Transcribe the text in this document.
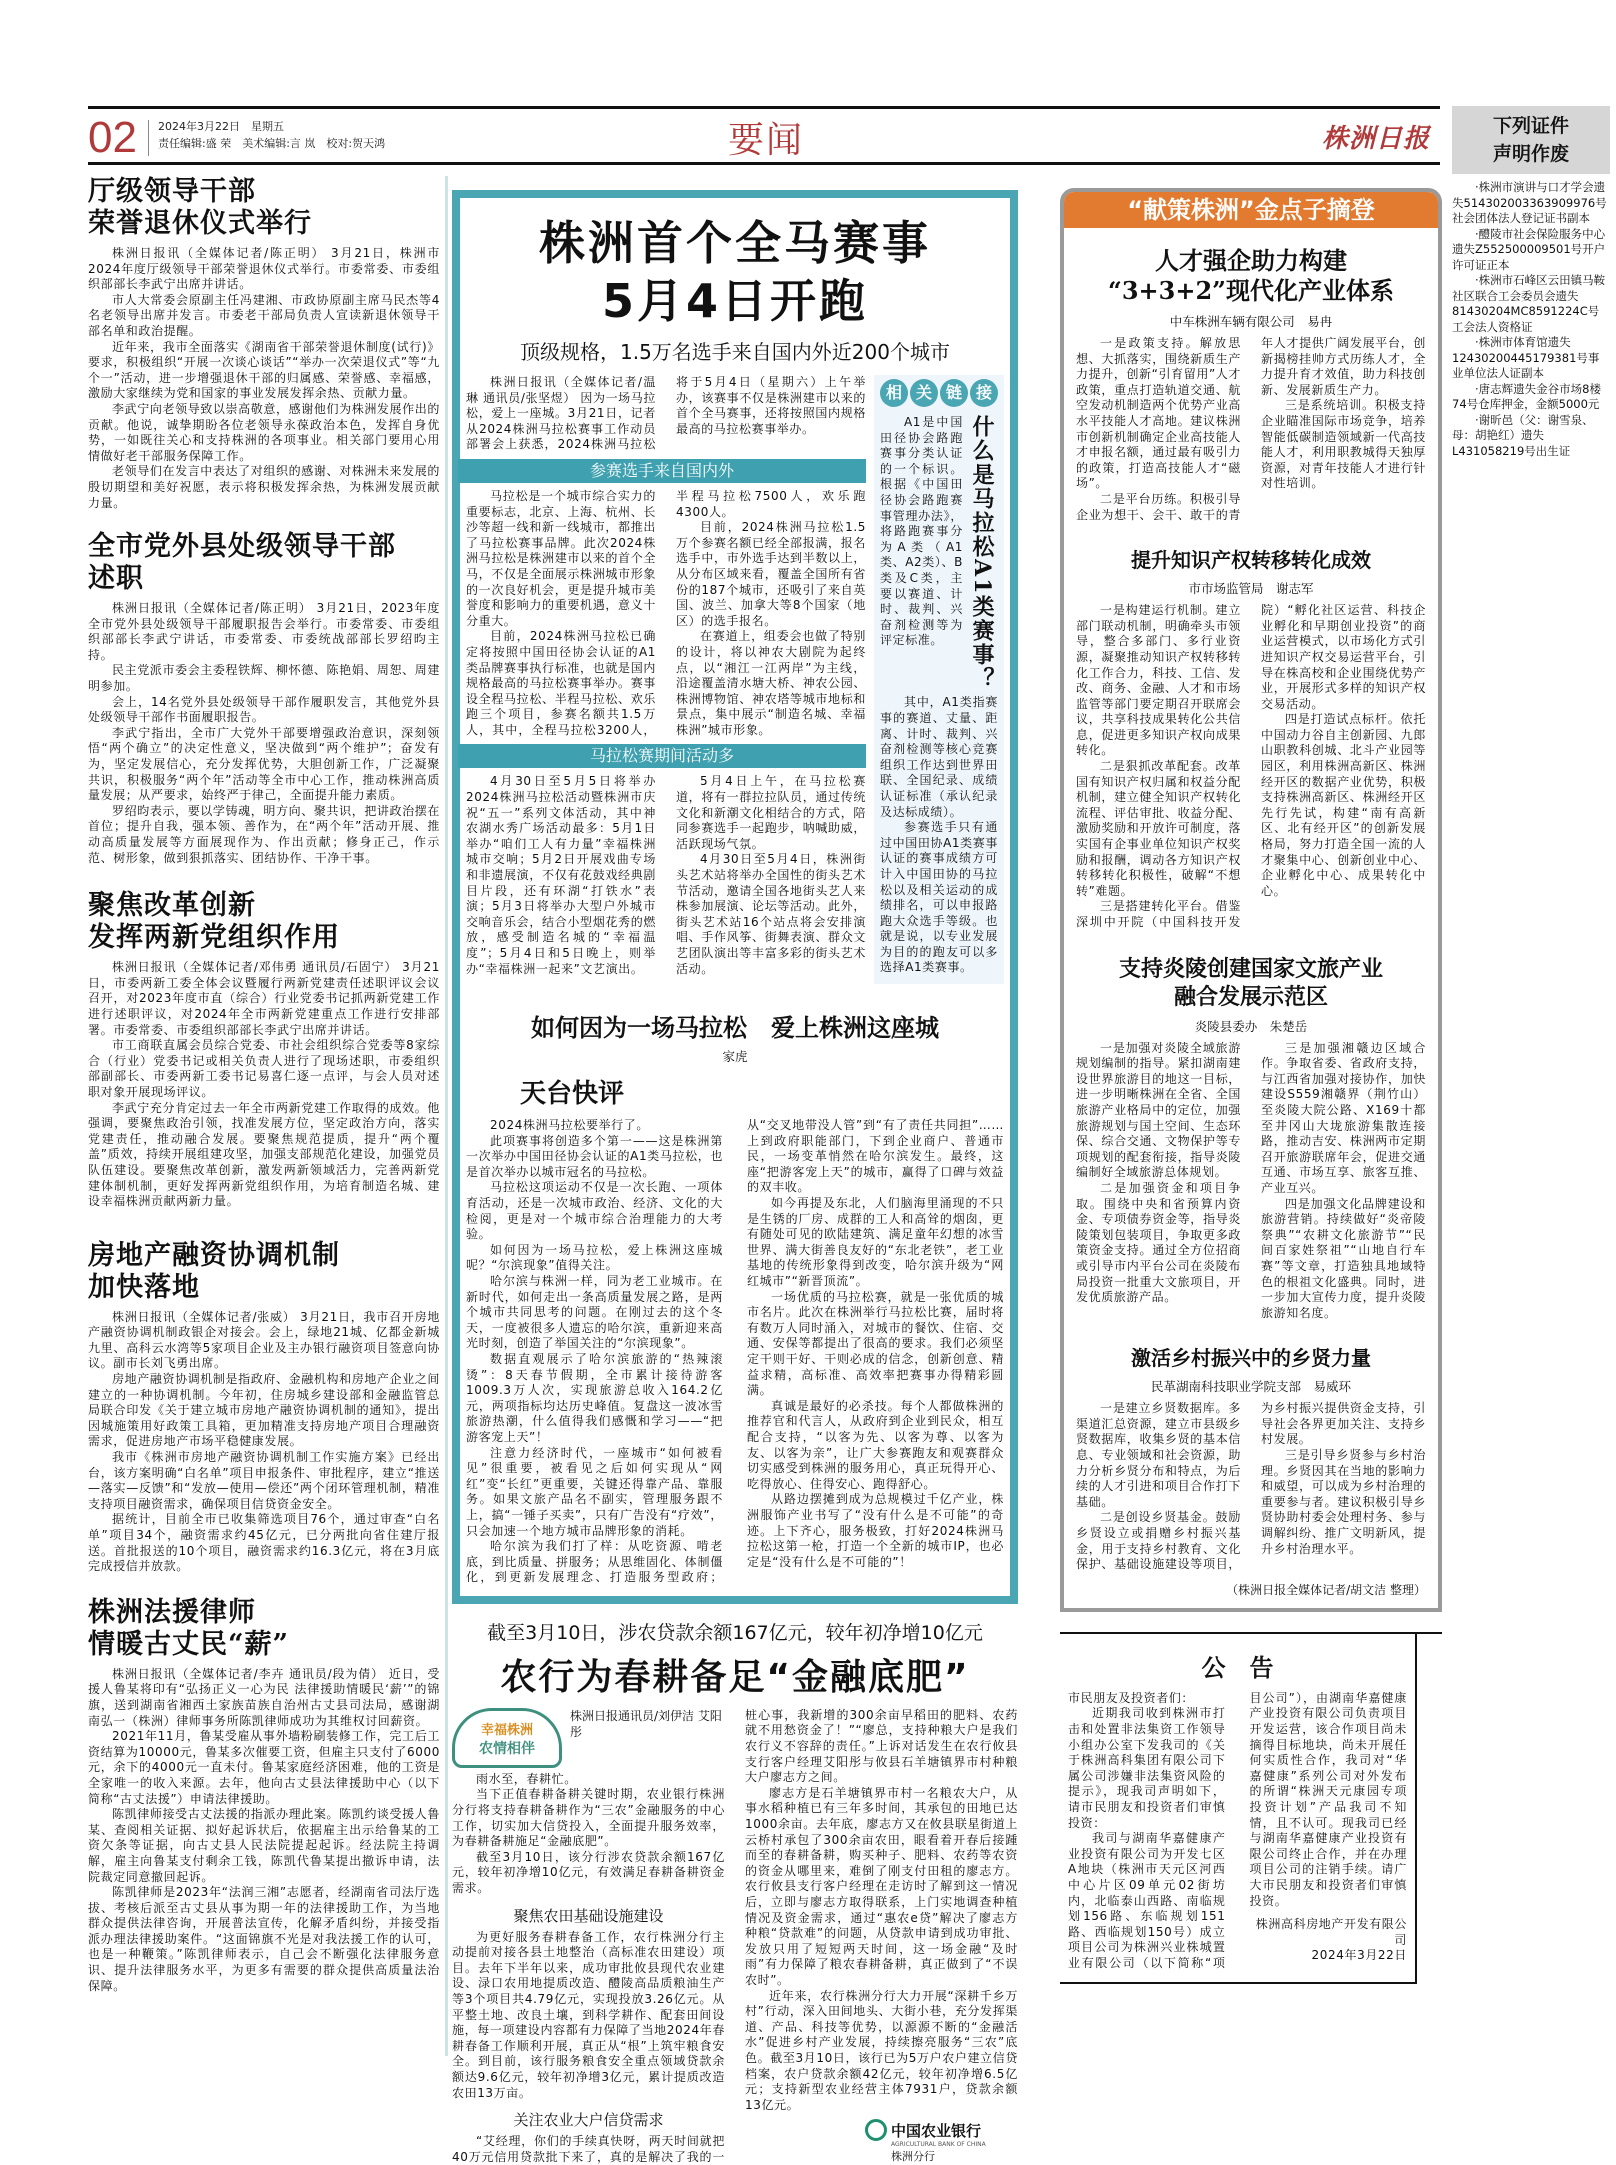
02 2024年3月22日　星期五
责任编辑:盛 荣　美术编辑:言 岚　校对:贺天鸿	要闻	株洲日报
厅级领导干部
荣誉退休仪式举行

株洲日报讯（全媒体记者/陈正明） 3月21日，株洲市2024年度厅级领导干部荣誉退休仪式举行。市委常委、市委组织部部长李武宁出席并讲话。

市人大常委会原副主任冯建湘、市政协原副主席马民杰等4名老领导出席并发言。市委老干部局负责人宣读新退休领导干部名单和政治提醒。

近年来，我市全面落实《湖南省干部荣誉退休制度(试行)》要求，积极组织“开展一次谈心谈话”“举办一次荣退仪式”等“九个一”活动，进一步增强退休干部的归属感、荣誉感、幸福感，激励大家继续为党和国家的事业发展发挥余热、贡献力量。

李武宁向老领导致以崇高敬意，感谢他们为株洲发展作出的贡献。他说，诚挚期盼各位老领导永葆政治本色，发挥自身优势，一如既往关心和支持株洲的各项事业。相关部门要用心用情做好老干部服务保障工作。

老领导们在发言中表达了对组织的感谢、对株洲未来发展的殷切期望和美好祝愿，表示将积极发挥余热，为株洲发展贡献力量。

全市党外县处级领导干部
述职

株洲日报讯（全媒体记者/陈正明） 3月21日，2023年度全市党外县处级领导干部履职报告会举行。市委常委、市委组织部部长李武宁讲话，市委常委、市委统战部部长罗绍昀主持。

民主党派市委会主委程铁辉、柳怀德、陈艳娟、周恕、周建明参加。

会上，14名党外县处级领导干部作履职发言，其他党外县处级领导干部作书面履职报告。

李武宁指出，全市广大党外干部要增强政治意识，深刻领悟“两个确立”的决定性意义，坚决做到“两个维护”；奋发有为，坚定发展信心，充分发挥优势，大胆创新工作，广泛凝聚共识，积极服务“两个年”活动等全市中心工作，推动株洲高质量发展；从严要求，始终严于律己，全面提升能力素质。

罗绍昀表示，要以学铸魂，明方向、聚共识，把讲政治摆在首位；提升自我，强本领、善作为，在“两个年”活动开展、推动高质量发展等方面展现作为、作出贡献；修身正己，作示范、树形象，做到狠抓落实、团结协作、干净干事。

聚焦改革创新
发挥两新党组织作用

株洲日报讯（全媒体记者/邓伟勇 通讯员/石固宁） 3月21日，市委两新工委全体会议暨履行两新党建责任述职评议会议召开，对2023年度市直（综合）行业党委书记抓两新党建工作进行述职评议，对2024年全市两新党建重点工作进行安排部署。市委常委、市委组织部部长李武宁出席并讲话。

市工商联直属会员综合党委、市社会组织综合党委等8家综合（行业）党委书记或相关负责人进行了现场述职，市委组织部副部长、市委两新工委书记易喜仁逐一点评，与会人员对述职对象开展现场评议。

李武宁充分肯定过去一年全市两新党建工作取得的成效。他强调，要聚焦政治引领，找准发展方位，坚定政治方向，落实党建责任，推动融合发展。要聚焦规范提质，提升“两个覆盖”质效，持续开展组建攻坚，加强支部规范化建设，加强党员队伍建设。要聚焦改革创新，激发两新领域活力，完善两新党建体制机制，更好发挥两新党组织作用，为培育制造名城、建设幸福株洲贡献两新力量。

房地产融资协调机制
加快落地

株洲日报讯（全媒体记者/张威） 3月21日，我市召开房地产融资协调机制政银企对接会。会上，绿地21城、亿都金新城九里、高科云水湾等5家项目企业及主办银行融资项目签意向协议。副市长刘飞勇出席。

房地产融资协调机制是指政府、金融机构和房地产企业之间建立的一种协调机制。今年初，住房城乡建设部和金融监管总局联合印发《关于建立城市房地产融资协调机制的通知》，提出因城施策用好政策工具箱，更加精准支持房地产项目合理融资需求，促进房地产市场平稳健康发展。

我市《株洲市房地产融资协调机制工作实施方案》已经出台，该方案明确“白名单”项目申报条件、审批程序，建立“推送—落实—反馈”和“发放—使用—偿还”两个闭环管理机制，精准支持项目融资需求，确保项目信贷资金安全。

据统计，目前全市已收集筛选项目76个，通过审查“白名单”项目34个，融资需求约45亿元，已分两批向省住建厅报送。首批报送的10个项目，融资需求约16.3亿元，将在3月底完成授信并放款。

株洲法援律师
情暖古丈民“薪”

株洲日报讯（全媒体记者/李卉 通讯员/段为倩） 近日，受援人鲁某将印有“弘扬正义一心为民 法律援助情暖民‘薪’”的锦旗，送到湖南省湘西土家族苗族自治州古丈县司法局，感谢湖南弘一（株洲）律师事务所陈凯律师成功为其维权讨回薪资。

2021年11月，鲁某受雇从事外墙粉刷装修工作，完工后工资结算为10000元，鲁某多次催要工资，但雇主只支付了6000元，余下的4000元一直未付。鲁某家庭经济困难，他的工资是全家唯一的收入来源。去年，他向古丈县法律援助中心（以下简称“古丈法援”）申请法律援助。

陈凯律师接受古丈法援的指派办理此案。陈凯约谈受援人鲁某、查阅相关证据、拟好起诉状后，依据雇主出示给鲁某的工资欠条等证据，向古丈县人民法院提起起诉。经法院主持调解，雇主向鲁某支付剩余工钱，陈凯代鲁某提出撤诉申请，法院裁定同意撤回起诉。

陈凯律师是2023年“法润三湘”志愿者，经湖南省司法厅选拔、考核后派至古丈县从事为期一年的法律援助工作，为当地群众提供法律咨询，开展普法宣传，化解矛盾纠纷，并接受指派办理法律援助案件。“这面锦旗不光是对我法援工作的认可，也是一种鞭策。”陈凯律师表示，自己会不断强化法律服务意识、提升法律服务水平，为更多有需要的群众提供高质量法治保障。

株洲首个全马赛事
5月4日开跑
顶级规格，1.5万名选手来自国内外近200个城市

株洲日报讯（全媒体记者/温琳 通讯员/张坚煜） 因为一场马拉松，爱上一座城。3月21日，记者从2024株洲马拉松赛事工作动员部署会上获悉，2024株洲马拉松将于5月4日（星期六）上午举办，该赛事不仅是株洲建市以来的首个全马赛事，还将按照国内规格最高的马拉松赛事举办。

参赛选手来自国内外

马拉松是一个城市综合实力的重要标志，北京、上海、杭州、长沙等超一线和新一线城市，都推出了马拉松赛事品牌。此次2024株洲马拉松是株洲建市以来的首个全马，不仅是全面展示株洲城市形象的一次良好机会，更是提升城市美誉度和影响力的重要机遇，意义十分重大。

目前，2024株洲马拉松已确定将按照中国田径协会认证的A1类品牌赛事执行标准，也就是国内规格最高的马拉松赛事举办。赛事设全程马拉松、半程马拉松、欢乐跑三个项目，参赛名额共1.5万人，其中，全程马拉松3200人，半程马拉松7500人，欢乐跑4300人。

目前，2024株洲马拉松1.5万个参赛名额已经全部报满，报名选手中，市外选手达到半数以上，从分布区域来看，覆盖全国所有省份的187个城市，还吸引了来自英国、波兰、加拿大等8个国家（地区）的选手报名。

在赛道上，组委会也做了特别的设计，将以神农大剧院为起终点，以“湘江一江两岸”为主线，沿途覆盖清水塘大桥、神农公园、株洲博物馆、神农塔等城市地标和景点，集中展示“制造名城、幸福株洲”城市形象。

马拉松赛期间活动多

4月30日至5月5日将举办2024株洲马拉松活动暨株洲市庆祝“五一”系列文体活动，其中神农湖水秀广场活动最多：5月1日举办“咱们工人有力量”幸福株洲城市交响；5月2日开展戏曲专场和非遗展演，不仅有花鼓戏经典剧目片段，还有环湖“打铁水”表演；5月3日将举办大型户外城市交响音乐会，结合小型烟花秀的燃放，感受制造名城的“幸福温度”；5月4日和5日晚上，则举办“幸福株洲一起来”文艺演出。

5月4日上午，在马拉松赛道，将有一群拉拉队员，通过传统文化和新潮文化相结合的方式，陪同参赛选手一起跑步，呐喊助威，活跃现场气氛。

4月30日至5月4日，株洲街头艺术站将举办全国性的街头艺术节活动，邀请全国各地街头艺人来株参加展演、论坛等活动。此外，街头艺术站16个站点将会安排演唱、手作风筝、街舞表演、群众文艺团队演出等丰富多彩的街头艺术活动。

相 关 链 接

A1是中国田径协会路跑赛事分类认证的一个标识。根据《中国田径协会路跑赛事管理办法》，将路跑赛事分为A类（A1类、A2类）、B类及C类，主要以赛道、计时、裁判、兴奋剂检测等为评定标准。	什么是马拉松A1类赛事？

其中，A1类指赛事的赛道、丈量、距离、计时、裁判、兴奋剂检测等核心竞赛组织工作达到世界田联、全国纪录、成绩认证标准（承认纪录及达标成绩）。

参赛选手只有通过中国田协A1类赛事认证的赛事成绩方可计入中国田协的马拉松以及相关运动的成绩排名，可以申报路跑大众选手等级。也就是说，以专业发展为目的的跑友可以多选择A1类赛事。

如何因为一场马拉松　爱上株洲这座城
家虎
天台快评

2024株洲马拉松要举行了。

此项赛事将创造多个第一——这是株洲第一次举办中国田径协会认证的A1类马拉松，也是首次举办以城市冠名的马拉松。

马拉松这项运动不仅是一次长跑、一项体育活动，还是一次城市政治、经济、文化的大检阅，更是对一个城市综合治理能力的大考验。

如何因为一场马拉松，爱上株洲这座城呢？“尔滨现象”值得关注。

哈尔滨与株洲一样，同为老工业城市。在新时代，如何走出一条高质量发展之路，是两个城市共同思考的问题。在刚过去的这个冬天，一度被很多人遗忘的哈尔滨，重新迎来高光时刻，创造了举国关注的“尔滨现象”。

数据直观展示了哈尔滨旅游的“热辣滚烫”：8天春节假期，全市累计接待游客1009.3万人次，实现旅游总收入164.2亿元，两项指标均达历史峰值。复盘这一波冰雪旅游热潮，什么值得我们感慨和学习——“把游客宠上天”！

注意力经济时代，一座城市“如何被看见”很重要，被看见之后如何实现从“网红”变“长红”更重要，关键还得靠产品、靠服务。如果文旅产品名不副实，管理服务跟不上，搞“一锤子买卖”，只有广告没有“疗效”，只会加速一个地方城市品牌形象的消耗。

哈尔滨为我们打了样：从吃资源、啃老底，到比质量、拼服务；从思维固化、体制僵化，到更新发展理念、打造服务型政府；从“交叉地带没人管”到“有了责任共同担”……上到政府职能部门，下到企业商户、普通市民，一场变革悄然在哈尔滨发生。最终，这座“把游客宠上天”的城市，赢得了口碑与效益的双丰收。

如今再提及东北，人们脑海里涌现的不只是生锈的厂房、成群的工人和高耸的烟囱，更有随处可见的欧陆建筑、满足童年幻想的冰雪世界、满大街善良友好的“东北老铁”，老工业基地的传统形象得到改变，哈尔滨升级为“网红城市”“新晋顶流”。

一场优质的马拉松赛，就是一张优质的城市名片。此次在株洲举行马拉松比赛，届时将有数万人同时涌入，对城市的餐饮、住宿、交通、安保等都提出了很高的要求。我们必须坚定干则干好、干则必成的信念，创新创意、精益求精，高标准、高效率把赛事办得精彩圆满。

真诚是最好的必杀技。每个人都做株洲的推荐官和代言人，从政府到企业到民众，相互配合支持，“以客为先、以客为尊、以客为友、以客为亲”，让广大参赛跑友和观赛群众切实感受到株洲的服务用心，真正玩得开心、吃得放心、住得安心、跑得舒心。

从路边摆摊到成为总规模过千亿产业，株洲服饰产业书写了“没有什么是不可能”的奇迹。上下齐心，服务极致，打好2024株洲马拉松这第一枪，打造一个全新的城市IP，也必定是“没有什么是不可能的”！

截至3月10日，涉农贷款余额167亿元，较年初净增10亿元
农行为春耕备足“金融底肥”
幸福株洲
农情相伴
株洲日报通讯员/刘伊洁 艾阳彤

雨水至，春耕忙。

当下正值春耕备耕关键时期，农业银行株洲分行将支持春耕备耕作为“三农”金融服务的中心工作，切实加大信贷投入，全面提升服务效率，为春耕备耕施足“金融底肥”。

截至3月10日，该分行涉农贷款余额167亿元，较年初净增10亿元，有效满足春耕备耕资金需求。

聚焦农田基础设施建设

为更好服务春耕春备工作，农行株洲分行主动提前对接各县土地整治（高标准农田建设）项目。去年下半年以来，成功审批攸县现代农业建设、渌口农用地提质改造、醴陵高品质粮油生产等3个项目共4.79亿元，实现投放3.26亿元。从平整土地、改良土壤，到科学耕作、配套田间设施，每一项建设内容都有力保障了当地2024年春耕春备工作顺利开展，真正从“根”上筑牢粮食安全。到目前，该行服务粮食安全重点领域贷款余额达9.6亿元，较年初净增3亿元，累计提质改造农田13万亩。

关注农业大户信贷需求

“艾经理，你们的手续真快呀，两天时间就把40万元信用贷款批下来了，真的是解决了我的一桩心事，我新增的300余亩早稻田的肥料、农药就不用愁资金了！”“廖总，支持种粮大户是我们农行义不容辞的责任。”上诉对话发生在农行攸县支行客户经理艾阳彤与攸县石羊塘镇界市村种粮大户廖志方之间。

廖志方是石羊塘镇界市村一名粮农大户，从事水稻种植已有三年多时间，其承包的田地已达1000余亩。去年底，廖志方又在攸县联星街道上云桥村承包了300余亩农田，眼看着开春后接踵而至的春耕备耕，购买种子、肥料、农药等农资的资金从哪里来，难倒了刚支付田租的廖志方。农行攸县支行客户经理在走访时了解到这一情况后，立即与廖志方取得联系，上门实地调查种植情况及资金需求，通过“惠农e贷”解决了廖志方种粮“贷款难”的问题，从贷款申请到成功审批、发放只用了短短两天时间，这一场金融“及时雨”有力保障了粮农春耕备耕，真正做到了“不误农时”。

近年来，农行株洲分行大力开展“深耕千乡万村”行动，深入田间地头、大街小巷，充分发挥渠道、产品、科技等优势，以源源不断的“金融活水”促进乡村产业发展，持续擦亮服务“三农”底色。截至3月10日，该行已为5万户农户建立信贷档案，农户贷款余额42亿元，较年初净增6.5亿元；支持新型农业经营主体7931户，贷款余额13亿元。

中国农业银行
AGRICULTURAL BANK OF CHINA
株洲分行
“献策株洲”金点子摘登
人才强企助力构建
“3+3+2”现代化产业体系
中车株洲车辆有限公司　易冉

一是政策支持。解放思想、大抓落实，围绕新质生产力提升，创新“引育留用”人才政策，重点打造轨道交通、航空发动机制造两个优势产业高水平技能人才高地。建议株洲市创新机制确定企业高技能人才申报名额，通过最有吸引力的政策，打造高技能人才“磁场”。

二是平台历练。积极引导企业为想干、会干、敢干的青年人才提供广阔发展平台，创新揭榜挂帅方式历练人才，全力提升育才效值，助力科技创新、发展新质生产力。

三是系统培训。积极支持企业瞄准国际市场竞争，培养智能低碳制造领域新一代高技能人才，利用职教城得天独厚资源，对青年技能人才进行针对性培训。

提升知识产权转移转化成效
市市场监管局　谢志军

一是构建运行机制。建立部门联动机制，明确牵头市领导，整合多部门、多行业资源，凝聚推动知识产权转移转化工作合力，科技、工信、发改、商务、金融、人才和市场监管等部门要定期召开联席会议，共享科技成果转化公共信息，促进更多知识产权向成果转化。

二是狠抓改革配套。改革国有知识产权归属和权益分配机制，建立健全知识产权转化流程、评估审批、收益分配、激励奖励和开放许可制度，落实国有企事业单位知识产权奖励和报酬，调动各方知识产权转移转化积极性，破解“不想转”难题。

三是搭建转化平台。借鉴深圳中开院（中国科技开发院）“孵化社区运营、科技企业孵化和早期创业投资”的商业运营模式，以市场化方式引进知识产权交易运营平台，引导在株高校和企业围绕优势产业，开展形式多样的知识产权交易活动。

四是打造试点标杆。依托中国动力谷自主创新园、九郎山职教科创城、北斗产业园等园区，利用株洲高新区、株洲经开区的数据产业优势，积极支持株洲高新区、株洲经开区先行先试，构建“南有高新区、北有经开区”的创新发展格局，努力打造全国一流的人才聚集中心、创新创业中心、企业孵化中心、成果转化中心。

支持炎陵创建国家文旅产业
融合发展示范区
炎陵县委办　朱楚岳

一是加强对炎陵全域旅游规划编制的指导。紧扣湖南建设世界旅游目的地这一目标，进一步明晰株洲在全省、全国旅游产业格局中的定位，加强旅游规划与国土空间、生态环保、综合交通、文物保护等专项规划的配套衔接，指导炎陵编制好全域旅游总体规划。

二是加强资金和项目争取。围绕中央和省预算内资金、专项债券资金等，指导炎陵策划包装项目，争取更多政策资金支持。通过全方位招商或引导市内平台公司在炎陵布局投资一批重大文旅项目，开发优质旅游产品。

三是加强湘赣边区域合作。争取省委、省政府支持，与江西省加强对接协作，加快建设S559湘赣界（荆竹山）至炎陵大院公路、X169十都至井冈山大垅旅游集散连接路，推动吉安、株洲两市定期召开旅游联席年会，促进交通互通、市场互享、旅客互推、产业互兴。

四是加强文化品牌建设和旅游营销。持续做好“炎帝陵祭典”“农耕文化旅游节”“民间百家姓祭祖”“山地自行车赛”等文章，打造独具地域特色的根祖文化盛典。同时，进一步加大宣传力度，提升炎陵旅游知名度。

激活乡村振兴中的乡贤力量
民革湖南科技职业学院支部　易威环

一是建立乡贤数据库。多渠道汇总资源，建立市县级乡贤数据库，收集乡贤的基本信息、专业领域和社会资源，助力分析乡贤分布和特点，为后续的人才引进和项目合作打下基础。

二是创设乡贤基金。鼓励乡贤设立或捐赠乡村振兴基金，用于支持乡村教育、文化保护、基础设施建设等项目，为乡村振兴提供资金支持，引导社会各界更加关注、支持乡村发展。

三是引导乡贤参与乡村治理。乡贤因其在当地的影响力和威望，可以成为乡村治理的重要参与者。建议积极引导乡贤协助村委会处理村务、参与调解纠纷、推广文明新风，提升乡村治理水平。

（株洲日报全媒体记者/胡文洁 整理）
公　告

市民朋友及投资者们：

近期我司收到株洲市打击和处置非法集资工作领导小组办公室下发我司的《关于株洲高科集团有限公司下属公司涉嫌非法集资风险的提示》，现我司声明如下，请市民朋友和投资者们审慎投资：

我司与湖南华嘉健康产业投资有限公司为开发七区A地块（株洲市天元区河西中心片区09单元02街坊内，北临泰山西路、南临规划156路、东临规划151路、西临规划150号）成立项目公司为株洲兴业株城置业有限公司（以下简称“项目公司”），由湖南华嘉健康产业投资有限公司负责项目开发运营，该合作项目尚未摘得目标地块，尚未开展任何实质性合作，我司对“华嘉健康”系列公司对外发布的所谓“株洲天元康园专项投资计划”产品我司不知情，且不认可。现我司已经与湖南华嘉健康产业投资有限公司终止合作，并在办理项目公司的注销手续。请广大市民朋友和投资者们审慎投资。

株洲高科房地产开发有限公司

2024年3月22日

下列证件
声明作废

·株洲市演讲与口才学会遗失514302003363909976号社会团体法人登记证书副本

·醴陵市社会保险服务中心遗失Z552500009501号开户许可证正本

·株洲市石峰区云田镇马鞍社区联合工会委员会遗失81430204MC8591224C号工会法人资格证

·株洲市体育馆遗失12430200445179381号事业单位法人证副本

·唐志辉遗失金谷市场8楼74号仓库押金，金额5000元

·谢昕邑（父：谢雪泉、母：胡艳红）遗失L431058219号出生证
